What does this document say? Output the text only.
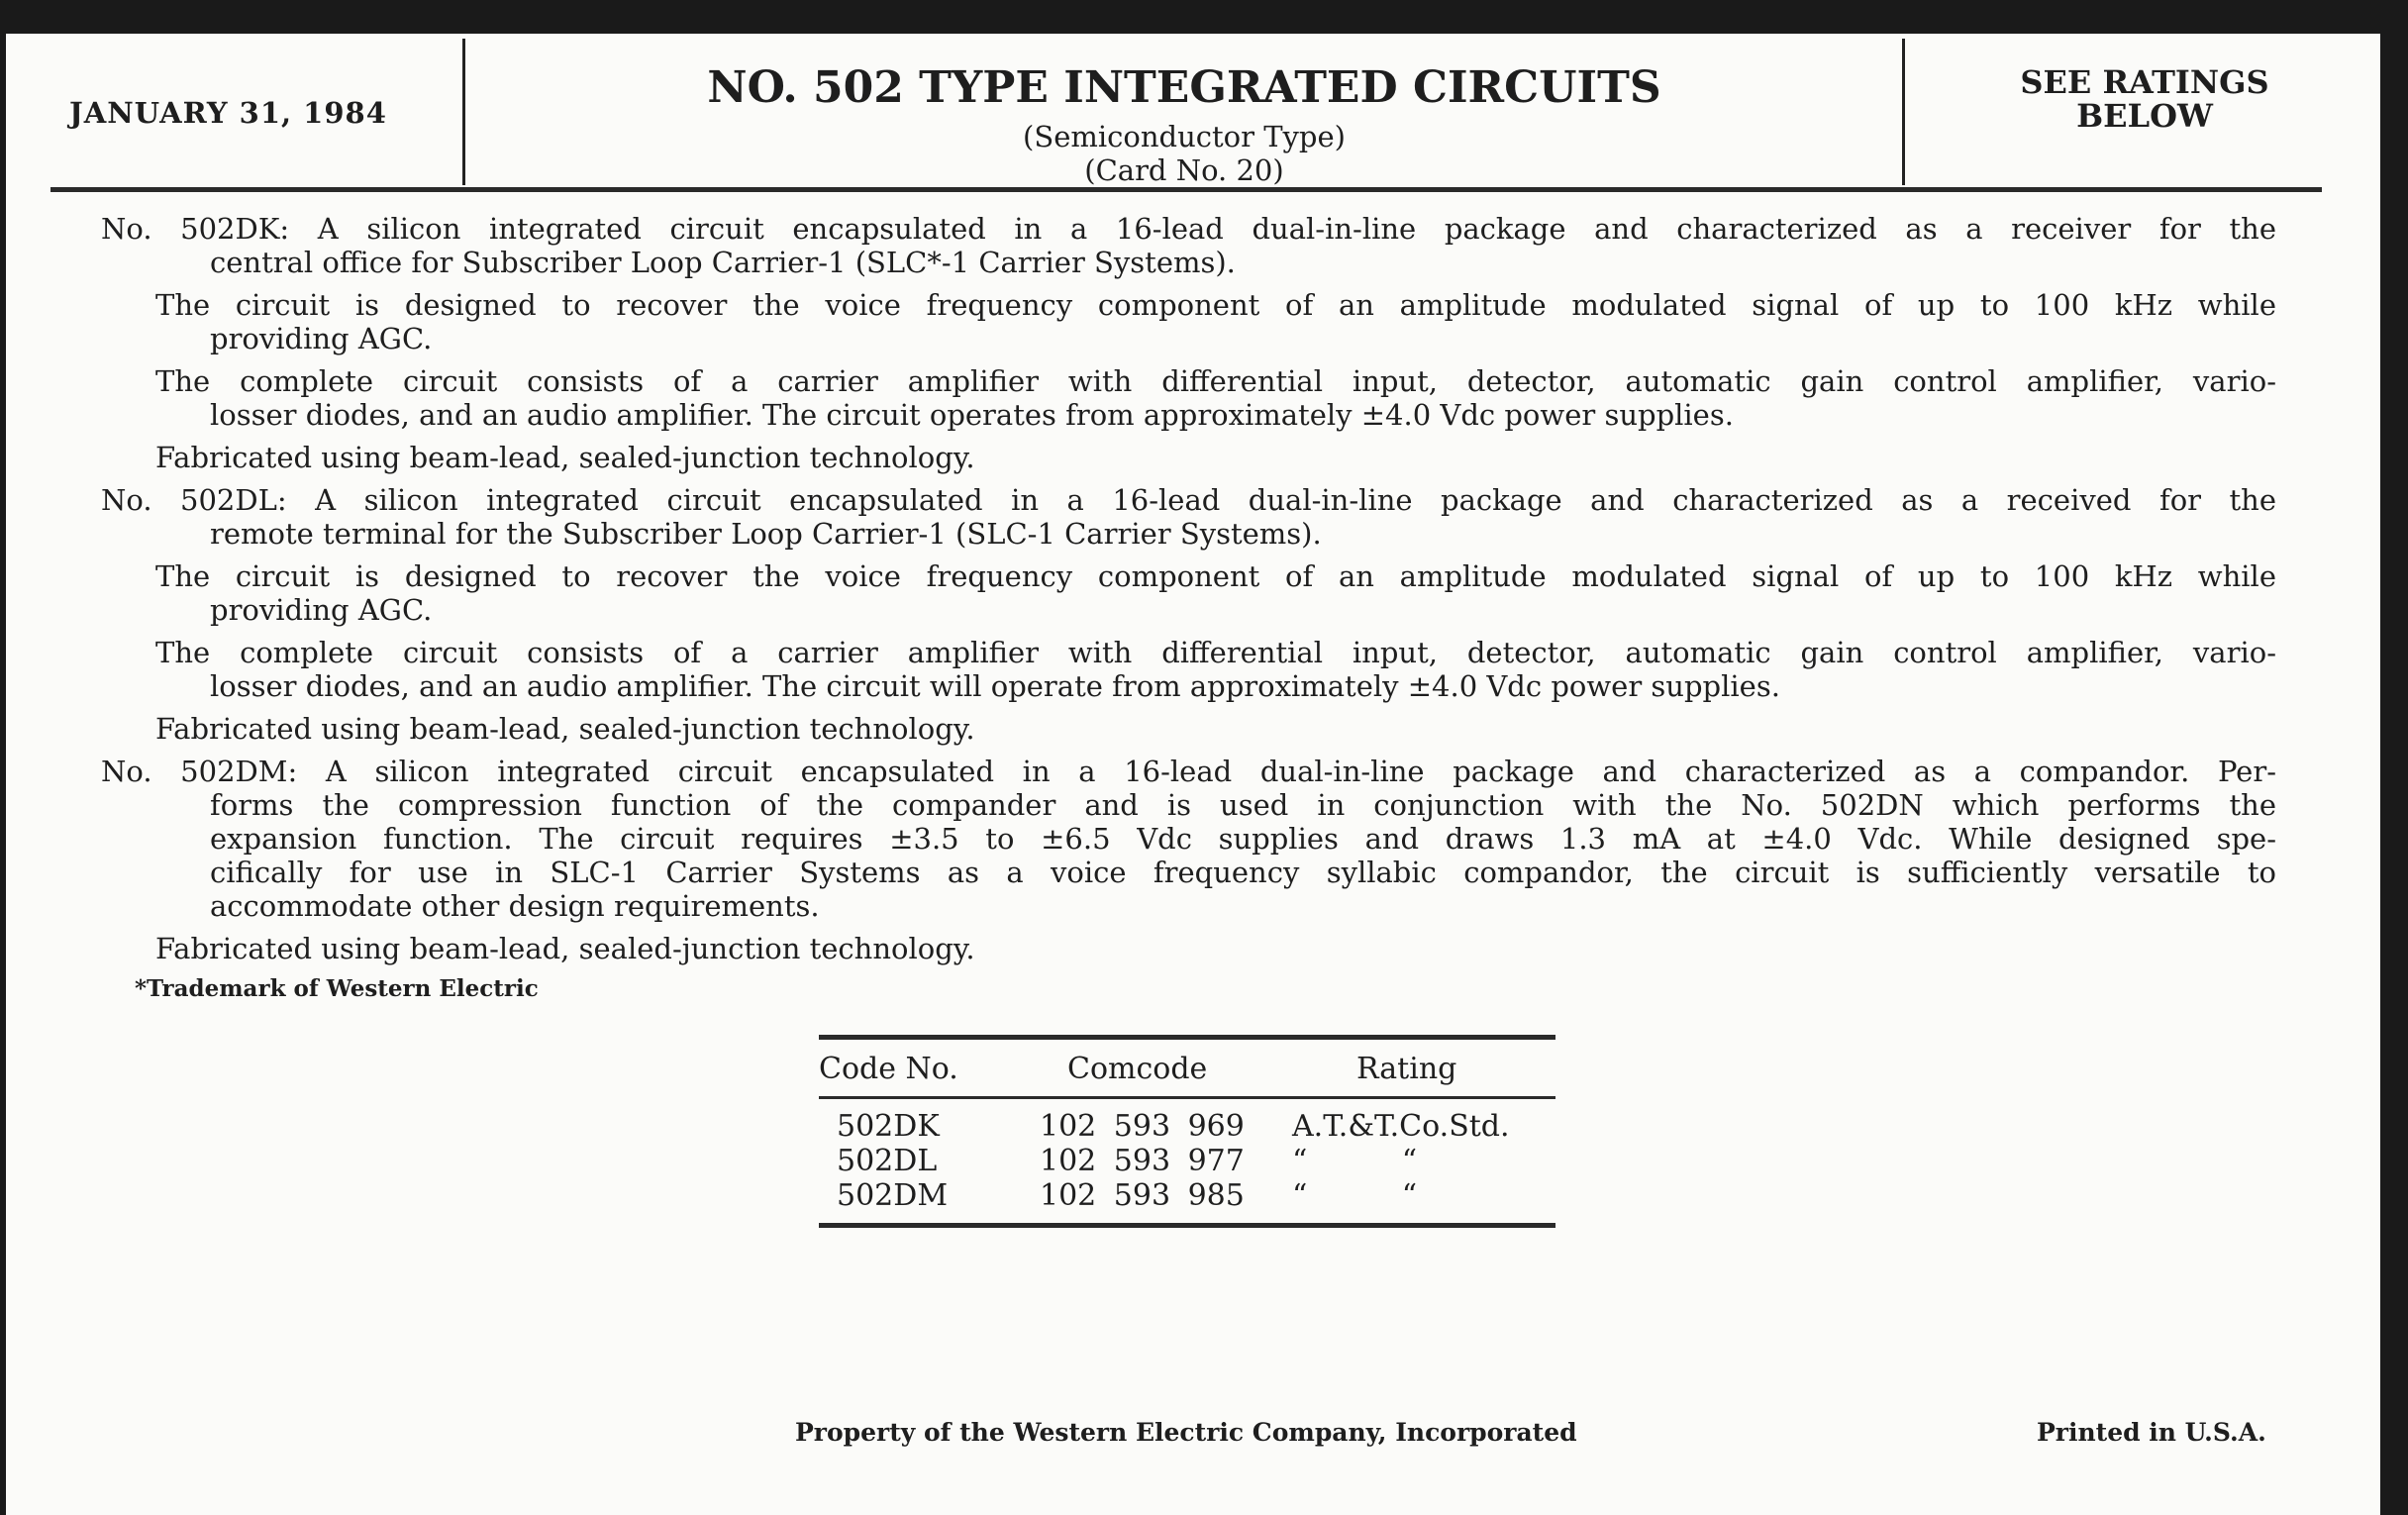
JANUARY 31, 1984	NO. 502 TYPE INTEGRATED CIRCUITS
(Semiconductor Type)
(Card No. 20)
SEE RATINGS
BELOW
No. 502DK: A silicon integrated circuit encapsulated in a 16-lead dual-in-line package and characterized as a receiver for the
central office for Subscriber Loop Carrier-1 (SLC*-1 Carrier Systems).
The circuit is designed to recover the voice frequency component of an amplitude modulated signal of up to 100 kHz while
providing AGC.
The complete circuit consists of a carrier amplifier with differential input, detector, automatic gain control amplifier, vario-
losser diodes, and an audio amplifier. The circuit operates from approximately ±4.0 Vdc power supplies.
Fabricated using beam-lead, sealed-junction technology.
No. 502DL: A silicon integrated circuit encapsulated in a 16-lead dual-in-line package and characterized as a received for the
remote terminal for the Subscriber Loop Carrier-1 (SLC-1 Carrier Systems).
The circuit is designed to recover the voice frequency component of an amplitude modulated signal of up to 100 kHz while
providing AGC.
The complete circuit consists of a carrier amplifier with differential input, detector, automatic gain control amplifier, vario-
losser diodes, and an audio amplifier. The circuit will operate from approximately ±4.0 Vdc power supplies.
Fabricated using beam-lead, sealed-junction technology.
No. 502DM: A silicon integrated circuit encapsulated in a 16-lead dual-in-line package and characterized as a compandor. Per-
forms the compression function of the compander and is used in conjunction with the No. 502DN which performs the
expansion function. The circuit requires ±3.5 to ±6.5 Vdc supplies and draws 1.3 mA at ±4.0 Vdc. While designed spe-
cifically for use in SLC-1 Carrier Systems as a voice frequency syllabic compandor, the circuit is sufficiently versatile to
accommodate other design requirements.
Fabricated using beam-lead, sealed-junction technology.
*Trademark of Western Electric
Code No.	Comcode	Rating
Property of the Western Electric Company, Incorporated	Printed in U.S.A.
502DK	102 593 969 A.T.&T.Co.Std.
502DL	102 593 977 “          “
502DM	102 593 985 “          “
